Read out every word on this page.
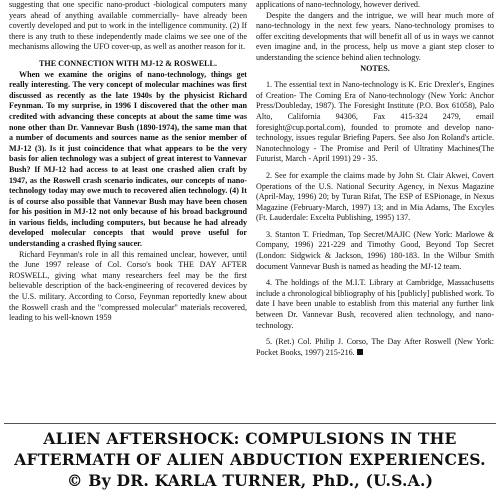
suggesting that one specific nano-product -biological computers many years ahead of anything available commercially- have already been covertly developed and put to work in the intelligence community. (2) If there is any truth to these independently made claims we see one of the mechanisms allowing the UFO cover-up, as well as another reason for it.

THE CONNECTION WITH MJ-12 & ROSWELL.

When we examine the origins of nano-technology, things get really interesting. The very concept of molecular machines was first discussed as recently as the late 1940s by the physicist Richard Feynman. To my surprise, in 1996 I discovered that the other man credited with advancing these concepts at about the same time was none other than Dr. Vannevar Bush (1890-1974), the same man that a number of documents and sources name as the senior member of MJ-12 (3). Is it just coincidence that what appears to be the very basis for alien technology was a subject of great interest to Vannevar Bush? If MJ-12 had access to at least one crashed alien craft by 1947, as the Roswell crash scenario indicates, our concepts of nano-technology today may owe much to recovered alien technology. (4) It is of course also possible that Vannevar Bush may have been chosen for his position in MJ-12 not only because of his broad background in various fields, including computers, but because he had already developed molecular concepts that would prove useful for understanding a crashed flying saucer.

Richard Feynman's role in all this remained unclear, however, until the June 1997 release of Col. Corso's book THE DAY AFTER ROSWELL, giving what many researchers feel may be the first believable description of the back-engineering of recovered devices by the U.S. military. According to Corso, Feynman reportedly knew about the Roswell crash and the "compressed molecular" materials recovered, leading to his well-known 1959

applications of nano-technology, however derived.

Despite the dangers and the intrigue, we will hear much more of nano-technology in the next few years. Nano-technology promises to offer exciting developments that will benefit all of us in ways we cannot even imagine and, in the process, help us move a giant step closer to understanding the science behind alien technology.

NOTES.

1. The essential text in Nano-technology is K. Eric Drexler's, Engines of Creation- The Coming Era of Nano-technology (New York: Anchor Press/Doubleday, 1987). The Foresight Institute (P.O. Box 61058), Palo Alto, California 94306, Fax 415-324 2479, email foresight@cup.portal.com), founded to promote and develop nano-technology, issues regular Briefing Papers. See also Jon Roland's article. Nanotechnology - The Promise and Peril of Ultratiny Machines(The Futurist, March - April 1991) 29 - 35.

2. See for example the claims made by John St. Clair Akwei, Covert Operations of the U.S. National Security Agency, in Nexus Magazine (April-May, 1996) 20; by Turan Rifat, The ESP of ESPionage, in Nexus Magazine (February-March, 1997) 13; and in Mia Adams, The Excyles (Ft. Lauderdale: Excelta Publishing, 1995) 137.

3. Stanton T. Friedman, Top Secret/MAJIC (New York: Marlowe & Company, 1996) 221-229 and Timothy Good, Beyond Top Secret (London: Sidgwick & Jackson, 1996) 180-183. In the Wilbur Smith document Vannevar Bush is named as heading the MJ-12 team.

4. The holdings of the M.I.T. Library at Cambridge, Massachusetts include a chronological bibliography of his [publicly] published work. To date I have been unable to establish from this material any further link between Dr. Vannevar Bush, recovered alien technology, and nano-technology.

5. (Ret.) Col. Philip J. Corso, The Day After Roswell (New York: Pocket Books, 1997) 215-216.

ALIEN AFTERSHOCK: COMPULSIONS IN THE
AFTERMATH OF ALIEN ABDUCTION EXPERIENCES.
© By DR. KARLA TURNER, PhD., (U.S.A.)
